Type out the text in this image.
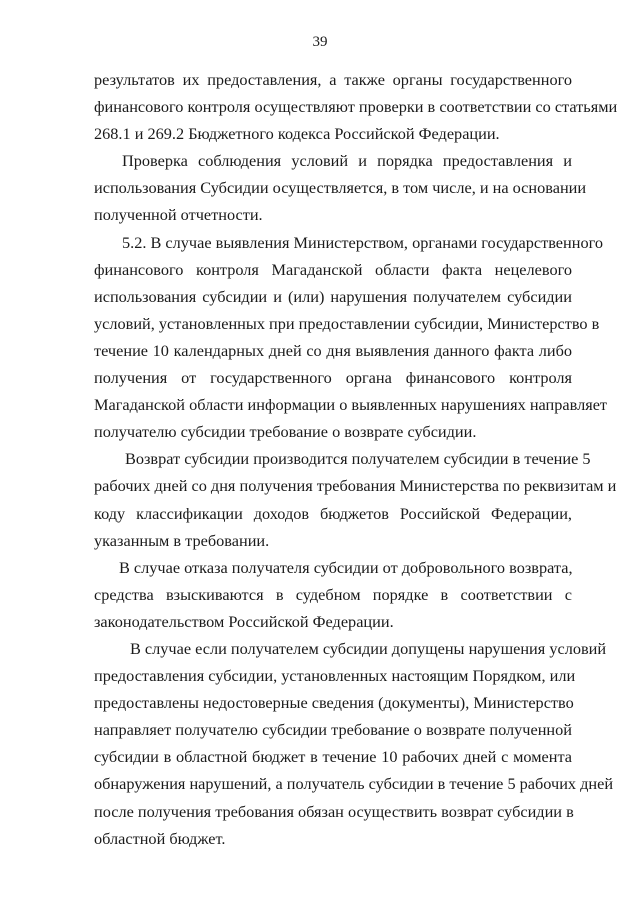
39
результатов их предоставления, а также органы государственного
финансового контроля осуществляют проверки в соответствии со статьями
268.1 и 269.2 Бюджетного кодекса Российской Федерации.
Проверка соблюдения условий и порядка предоставления и
использования Субсидии осуществляется, в том числе, и на основании
полученной отчетности.
5.2. В случае выявления Министерством, органами государственного
финансового контроля Магаданской области факта нецелевого
использования субсидии и (или) нарушения получателем субсидии
условий, установленных при предоставлении субсидии, Министерство в
течение 10 календарных дней со дня выявления данного факта либо
получения от государственного органа финансового контроля
Магаданской области информации о выявленных нарушениях направляет
получателю субсидии требование о возврате субсидии.
Возврат субсидии производится получателем субсидии в течение 5
рабочих дней со дня получения требования Министерства по реквизитам и
коду классификации доходов бюджетов Российской Федерации,
указанным в требовании.
В случае отказа получателя субсидии от добровольного возврата,
средства взыскиваются в судебном порядке в соответствии с
законодательством Российской Федерации.
В случае если получателем субсидии допущены нарушения условий
предоставления субсидии, установленных настоящим Порядком, или
предоставлены недостоверные сведения (документы), Министерство
направляет получателю субсидии требование о возврате полученной
субсидии в областной бюджет в течение 10 рабочих дней с момента
обнаружения нарушений, а получатель субсидии в течение 5 рабочих дней
после получения требования обязан осуществить возврат субсидии в
областной бюджет.
